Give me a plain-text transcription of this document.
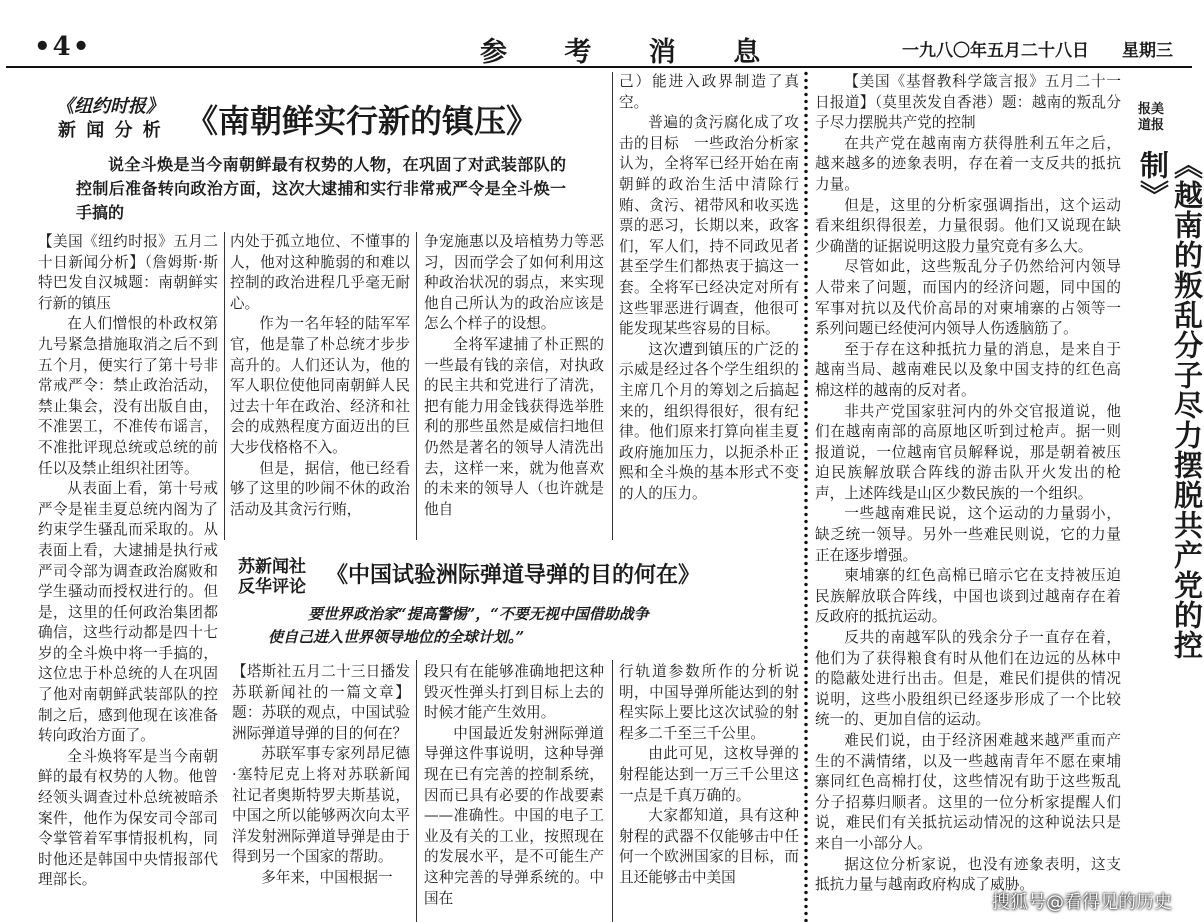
•4•	参 考 消 息	一九八〇年五月二十八日 星期三
《纽约时报》
新 闻 分 析 《南朝鲜实行新的镇压》

说全斗焕是当今南朝鲜最有权势的人物，在巩固了对武装部队的控制后准备转向政治方面，这次大逮捕和实行非常戒严令是全斗焕一手搞的

【美国《纽约时报》五月二十日新闻分析】（詹姆斯·斯特巴发自汉城题：南朝鲜实行新的镇压

在人们憎恨的朴政权第九号紧急措施取消之后不到五个月，便实行了第十号非常戒严令：禁止政治活动，禁止集会，没有出版自由，不准罢工，不准传布谣言，不准批评现总统或总统的前任以及禁止组织社团等。

从表面上看，第十号戒严令是崔圭夏总统内阁为了约束学生骚乱而采取的。从表面上看，大逮捕是执行戒严司令部为调查政治腐败和学生骚动而授权进行的。但是，这里的任何政治集团都确信，这些行动都是四十七岁的全斗焕中将一手搞的，这位忠于朴总统的人在巩固了他对南朝鲜武装部队的控制之后，感到他现在该准备转向政治方面了。

全斗焕将军是当今南朝鲜的最有权势的人物。他曾经领头调查过朴总统被暗杀案件，他作为保安司令部司令掌管着军事情报机构，同时他还是韩国中央情报部代理部长。

内处于孤立地位、不懂事的人，他对这种脆弱的和难以控制的政治进程几乎毫无耐心。

作为一名年轻的陆军军官，他是靠了朴总统才步步高升的。人们还认为，他的军人职位使他同南朝鲜人民过去十年在政治、经济和社会的成熟程度方面迈出的巨大步伐格格不入。

但是，据信，他已经看够了这里的吵闹不休的政治活动及其贪污行贿，

争宠施惠以及培植势力等恶习，因而学会了如何利用这种政治状况的弱点，来实现他自己所认为的政治应该是怎么个样子的设想。

全将军逮捕了朴正熙的一些最有钱的亲信，对执政的民主共和党进行了清洗，把有能力用金钱获得选举胜利的那些虽然是威信扫地但仍然是著名的领导人清洗出去，这样一来，就为他喜欢的未来的领导人（也许就是他自

己）能进入政界制造了真空。

普遍的贪污腐化成了攻击的目标　一些政治分析家认为，全将军已经开始在南朝鲜的政治生活中清除行贿、贪污、裙带风和收买选票的恶习，长期以来，政客们，军人们，持不同政见者甚至学生们都热衷于搞这一套。全将军已经决定对所有这些罪恶进行调查，他很可能发现某些容易的目标。

这次遭到镇压的广泛的示威是经过各个学生组织的主席几个月的筹划之后搞起来的，组织得很好，很有纪律。他们原来打算向崔圭夏政府施加压力，以扼杀朴正熙和全斗焕的基本形式不变的人的压力。

苏新闻社
反华评论 《中国试验洲际弹道导弹的目的何在》
要世界政治家“提高警惕”，“不要无视中国借助战争
使自己进入世界领导地位的全球计划。”

【塔斯社五月二十三日播发苏联新闻社的一篇文章】题：苏联的观点，中国试验洲际弹道导弹的目的何在？

苏联军事专家列昂尼德·塞特尼克上将对苏联新闻社记者奥斯特罗夫斯基说，中国之所以能够两次向太平洋发射洲际弹道导弹是由于得到另一个国家的帮助。

多年来，中国根据一

段只有在能够准确地把这种毁灭性弹头打到目标上去的时候才能产生效用。

中国最近发射洲际弹道导弹这件事说明，这种导弹现在已有完善的控制系统，因而已具有必要的作战要素——准确性。中国的电子工业及有关的工业，按照现在的发展水平，是不可能生产这种完善的导弹系统的。中国在

行轨道参数所作的分析说明，中国导弹所能达到的射程实际上要比这次试验的射程多二千至三千公里。

由此可见，这枚导弹的射程能达到一万三千公里这一点是千真万确的。

大家都知道，具有这种射程的武器不仅能够击中任何一个欧洲国家的目标，而且还能够击中美国

【美国《基督教科学箴言报》五月二十一日报道】（莫里茨发自香港）题：越南的叛乱分子尽力摆脱共产党的控制

在共产党在越南南方获得胜利五年之后，越来越多的迹象表明，存在着一支反共的抵抗力量。

但是，这里的分析家强调指出，这个运动看来组织得很差，力量很弱。他们又说现在缺少确凿的证据说明这股力量究竟有多么大。

尽管如此，这些叛乱分子仍然给河内领导人带来了问题，而国内的经济问题，同中国的军事对抗以及代价高昂的对柬埔寨的占领等一系列问题已经使河内领导人伤透脑筋了。

至于存在这种抵抗力量的消息，是来自于越南当局、越南难民以及象中国支持的红色高棉这样的越南的反对者。

非共产党国家驻河内的外交官报道说，他们在越南南部的高原地区听到过枪声。据一则报道说，一位越南官员解释说，那是朝着被压迫民族解放联合阵线的游击队开火发出的枪声，上述阵线是山区少数民族的一个组织。

一些越南难民说，这个运动的力量弱小，缺乏统一领导。另外一些难民则说，它的力量正在逐步增强。

柬埔寨的红色高棉已暗示它在支持被压迫民族解放联合阵线，中国也谈到过越南存在着反政府的抵抗运动。

反共的南越军队的残余分子一直存在着，他们为了获得粮食有时从他们在边远的丛林中的隐蔽处进行出击。但是，难民们提供的情况说明，这些小股组织已经逐步形成了一个比较统一的、更加自信的运动。

难民们说，由于经济困难越来越严重而产生的不满情绪，以及一些越南青年不愿在柬埔寨同红色高棉打仗，这些情况有助于这些叛乱分子招募归顺者。这里的一位分析家提醒人们说，难民们有关抵抗运动情况的这种说法只是来自一小部分人。

据这位分析家说，也没有迹象表明，这支抵抗力量与越南政府构成了威胁。

报美道报
《越南的叛乱分子尽力摆脱共产党的控制》
搜狐号@看得见的历史
